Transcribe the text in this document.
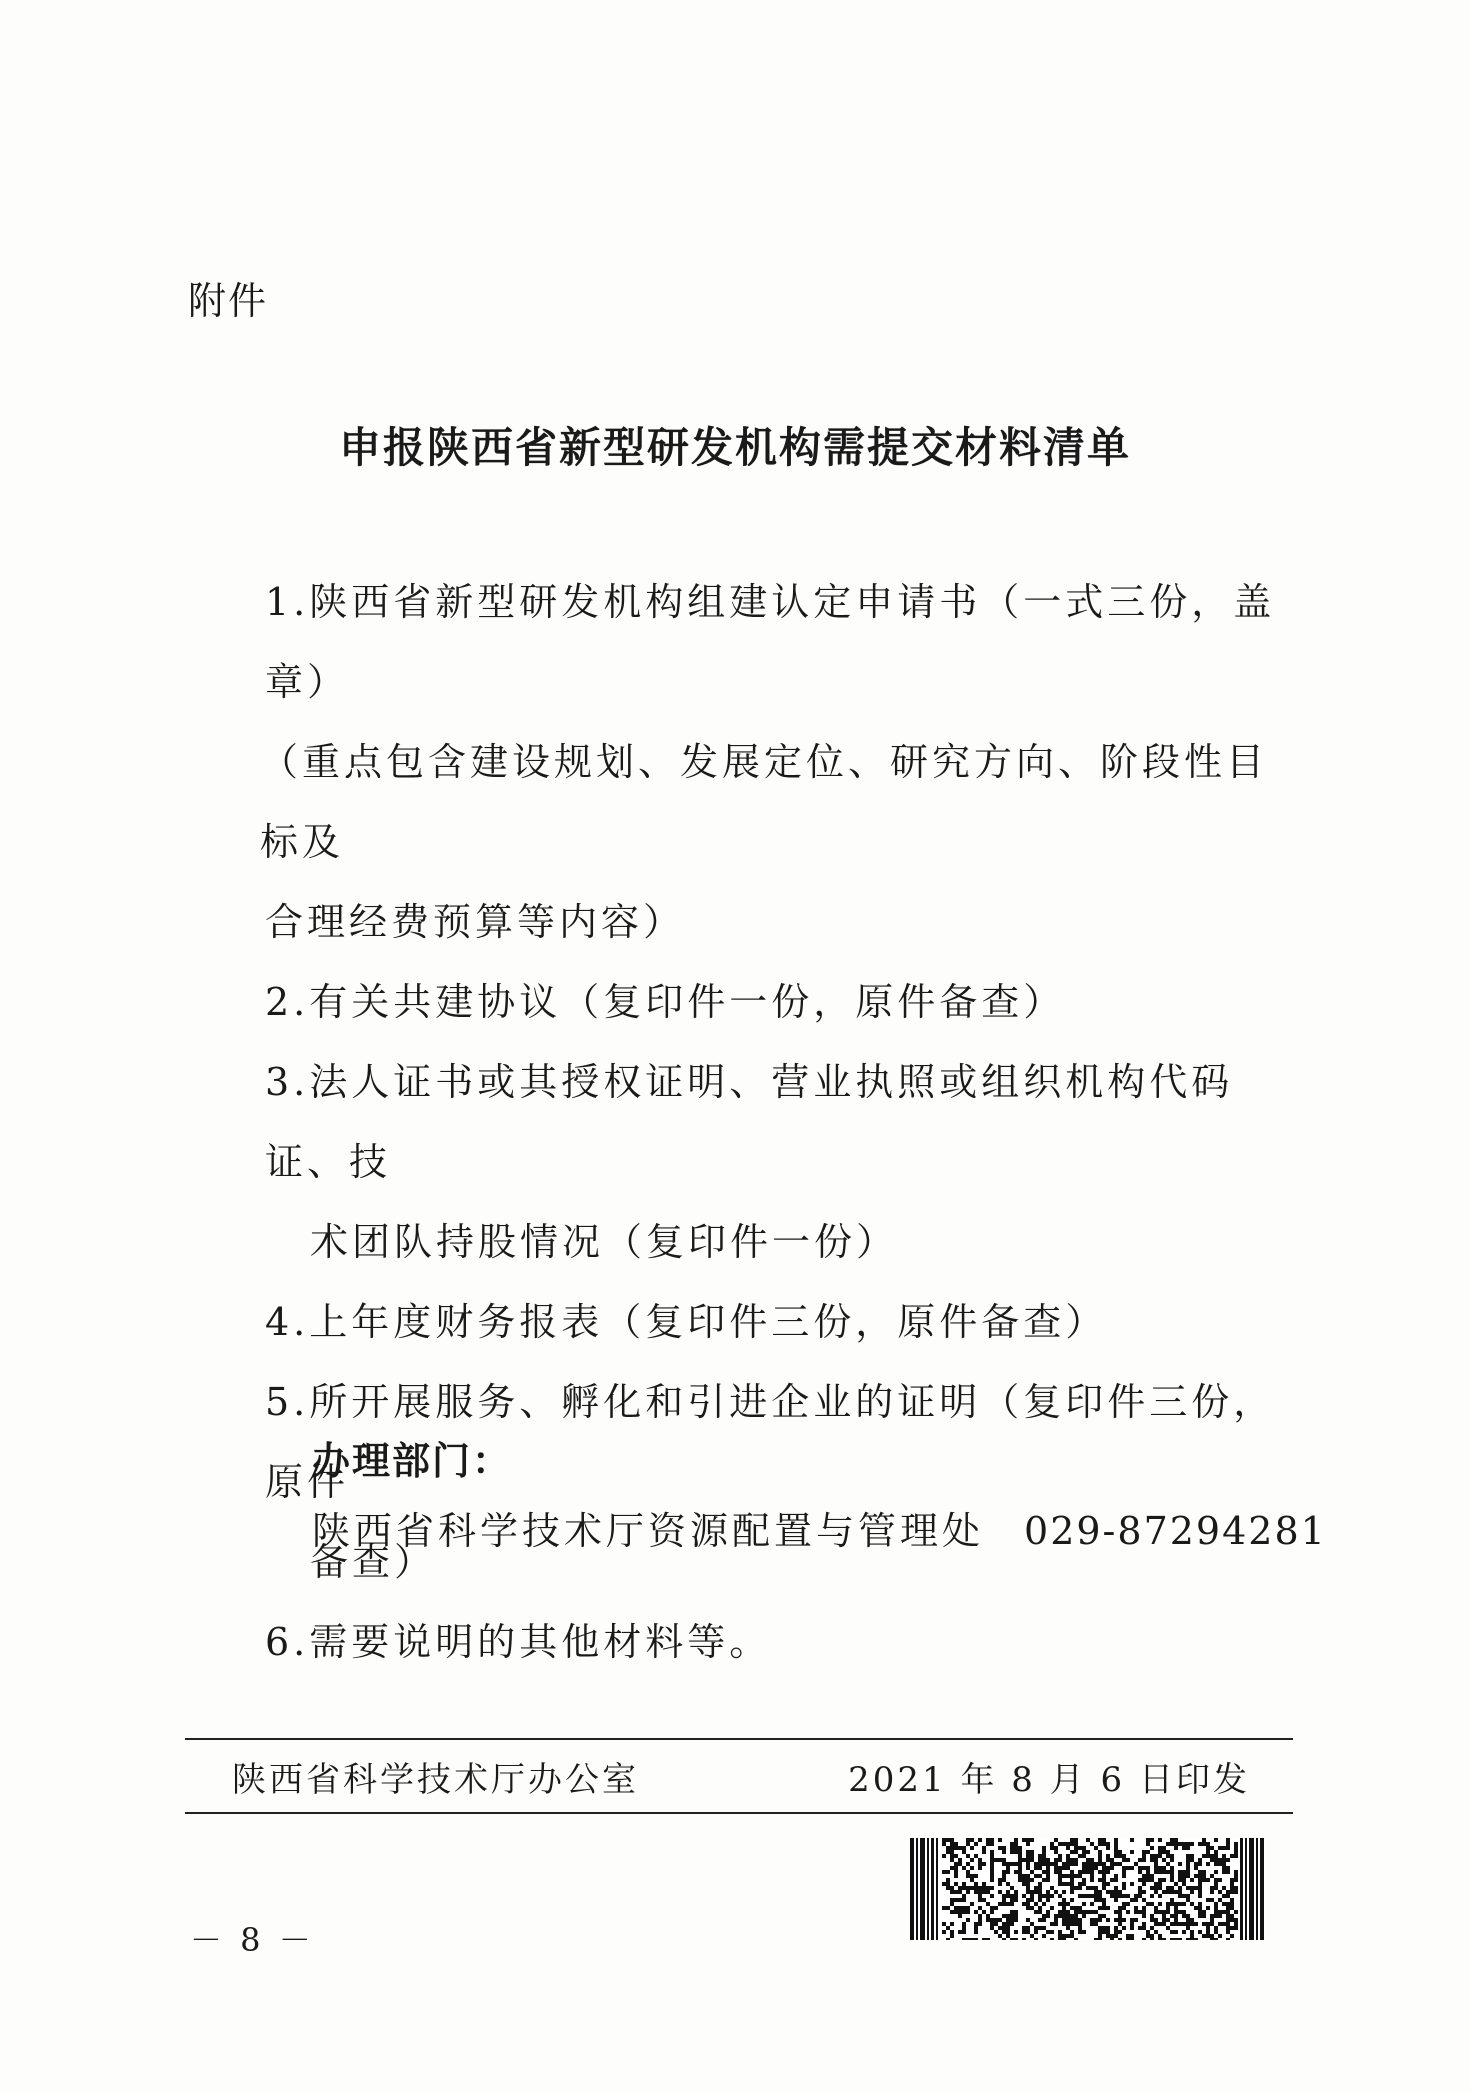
附件
申报陕西省新型研发机构需提交材料清单
1.陕西省新型研发机构组建认定申请书（一式三份，盖章）
（重点包含建设规划、发展定位、研究方向、阶段性目标及
合理经费预算等内容）
2.有关共建协议（复印件一份，原件备查）
3.法人证书或其授权证明、营业执照或组织机构代码证、技
术团队持股情况（复印件一份）
4.上年度财务报表（复印件三份，原件备查）
5.所开展服务、孵化和引进企业的证明（复印件三份，原件
备查）
6.需要说明的其他材料等。
办理部门：
陕西省科学技术厅资源配置与管理处 029-87294281
陕西省科学技术厅办公室	2021 年 8 月 6 日印发
－ 8 －
